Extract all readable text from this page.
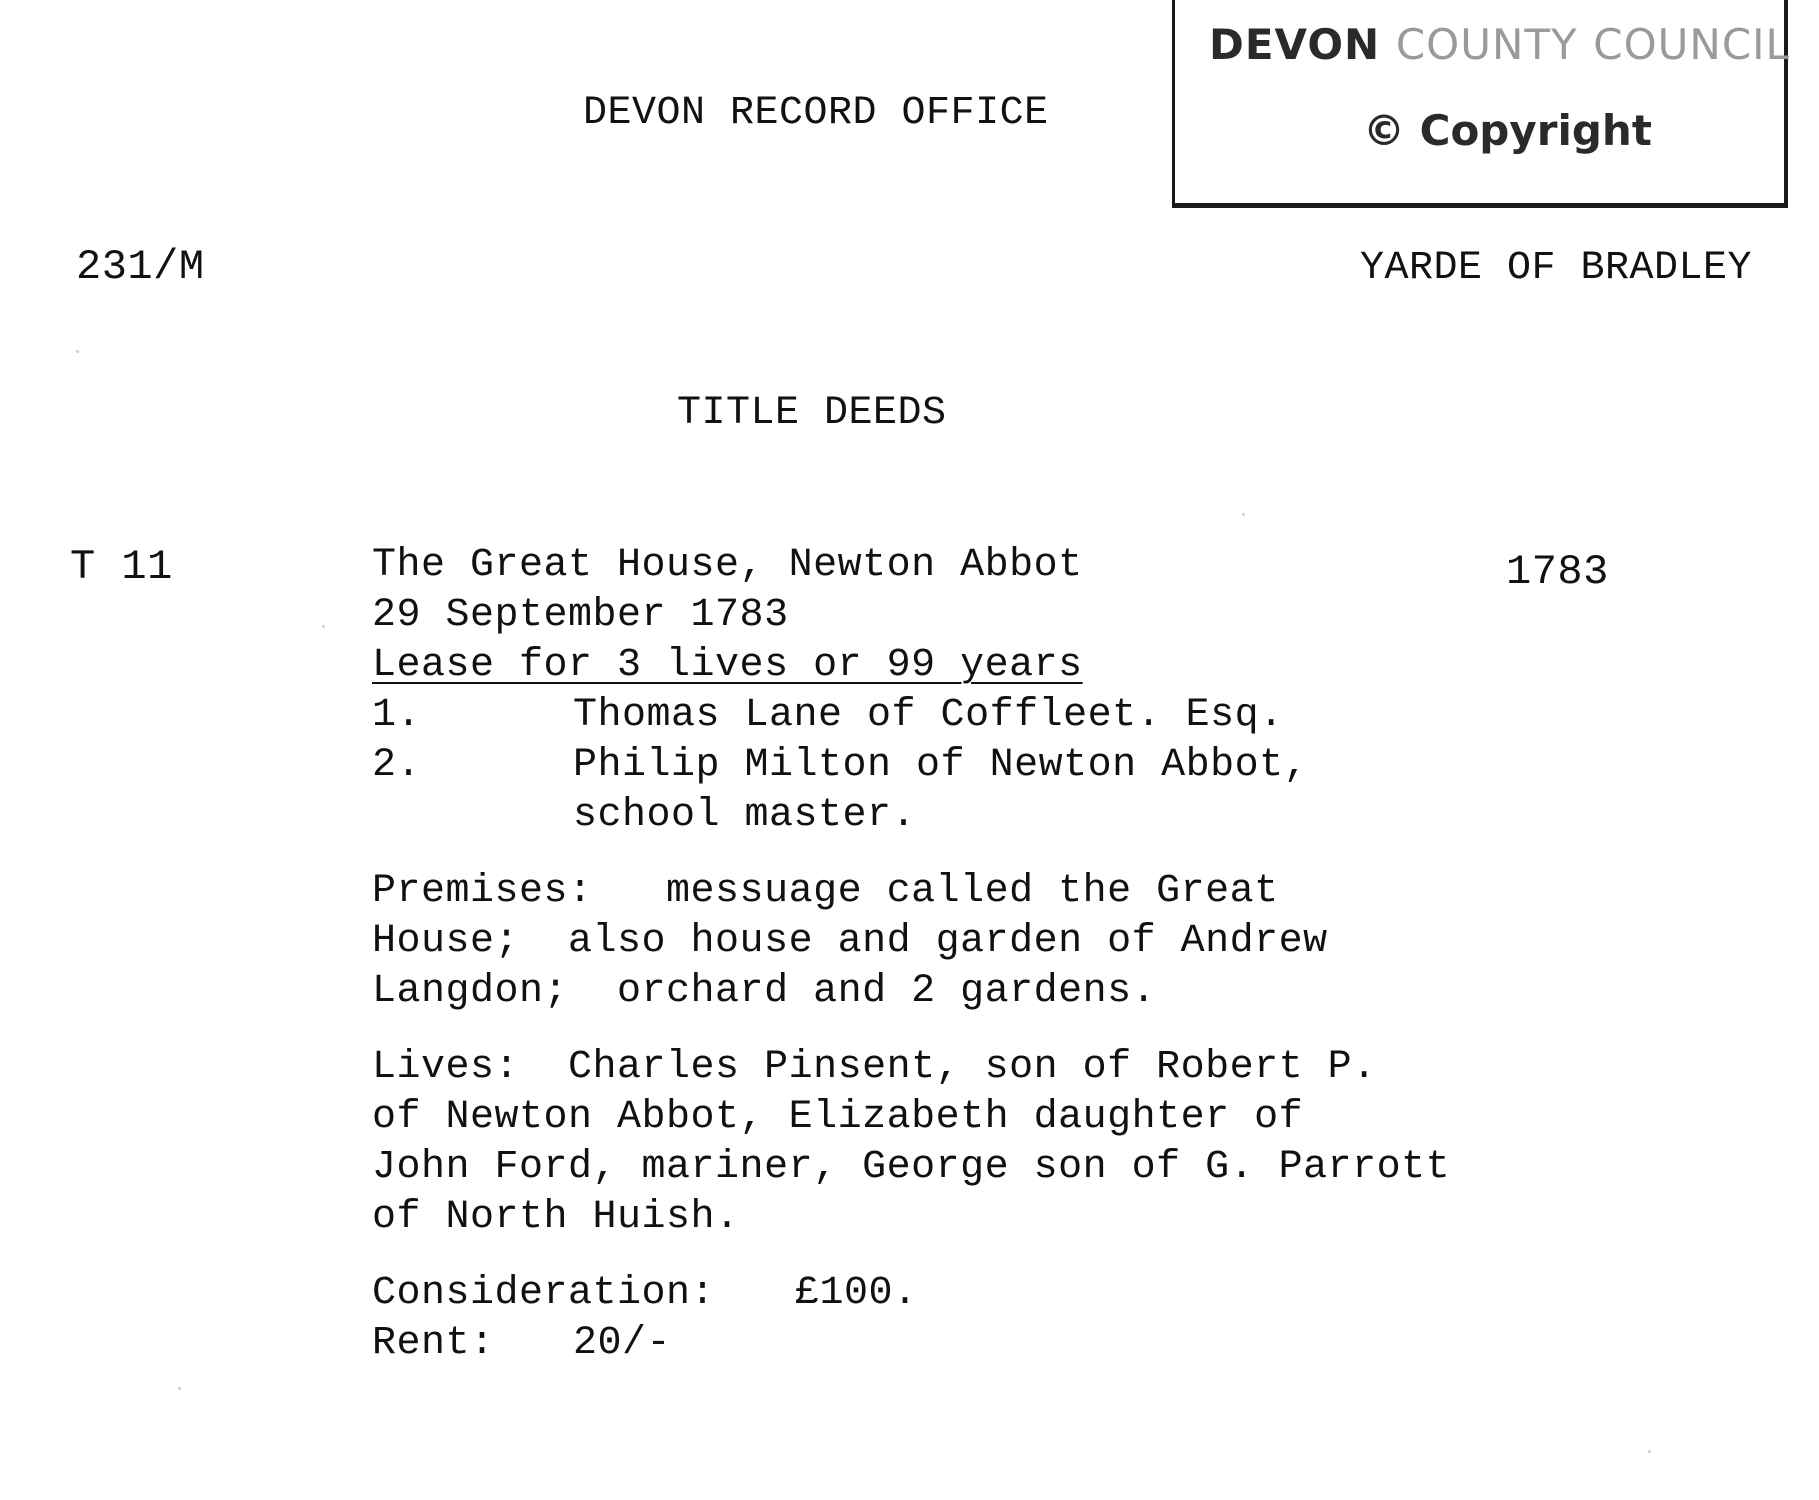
DEVON COUNTY COUNCIL
© Copyright
DEVON RECORD OFFICE
231/M	YARDE OF BRADLEY
TITLE DEEDS
T 11	1783
The Great House, Newton Abbot
29 September 1783
Lease for 3 lives or 99 years
1.	Thomas Lane of Coffleet. Esq.
2.	Philip Milton of Newton Abbot,
school master.
Premises:   messuage called the Great
House;  also house and garden of Andrew
Langdon;  orchard and 2 gardens.
Lives:  Charles Pinsent, son of Robert P.
of Newton Abbot, Elizabeth daughter of
John Ford, mariner, George son of G. Parrott
of North Huish.
Consideration: £100.
Rent: 20/-
